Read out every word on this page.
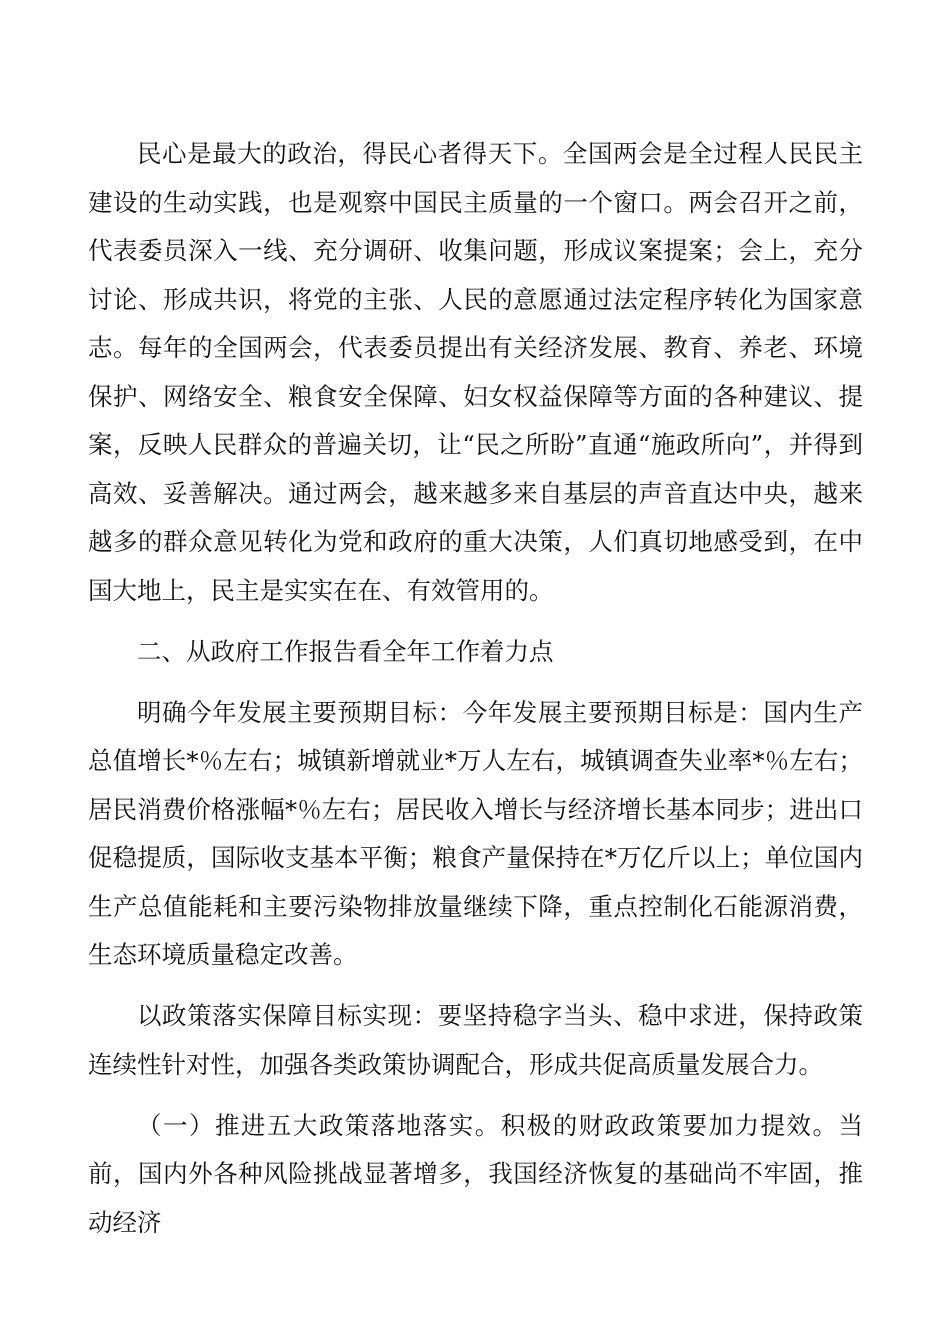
民心是最大的政治，得民心者得天下。全国两会是全过程人民民主建设的生动实践，也是观察中国民主质量的一个窗口。两会召开之前，代表委员深入一线、充分调研、收集问题，形成议案提案；会上，充分讨论、形成共识，将党的主张、人民的意愿通过法定程序转化为国家意志。每年的全国两会，代表委员提出有关经济发展、教育、养老、环境保护、网络安全、粮食安全保障、妇女权益保障等方面的各种建议、提案，反映人民群众的普遍关切，让“民之所盼”直通“施政所向”，并得到高效、妥善解决。通过两会，越来越多来自基层的声音直达中央，越来越多的群众意见转化为党和政府的重大决策，人们真切地感受到，在中国大地上，民主是实实在在、有效管用的。

二、从政府工作报告看全年工作着力点

明确今年发展主要预期目标：今年发展主要预期目标是：国内生产总值增长*％左右；城镇新增就业*万人左右，城镇调查失业率*％左右；居民消费价格涨幅*％左右；居民收入增长与经济增长基本同步；进出口促稳提质，国际收支基本平衡；粮食产量保持在*万亿斤以上；单位国内生产总值能耗和主要污染物排放量继续下降，重点控制化石能源消费，生态环境质量稳定改善。

以政策落实保障目标实现：要坚持稳字当头、稳中求进，保持政策连续性针对性，加强各类政策协调配合，形成共促高质量发展合力。

（一）推进五大政策落地落实。积极的财政政策要加力提效。当前，国内外各种风险挑战显著增多，我国经济恢复的基础尚不牢固，推动经济
